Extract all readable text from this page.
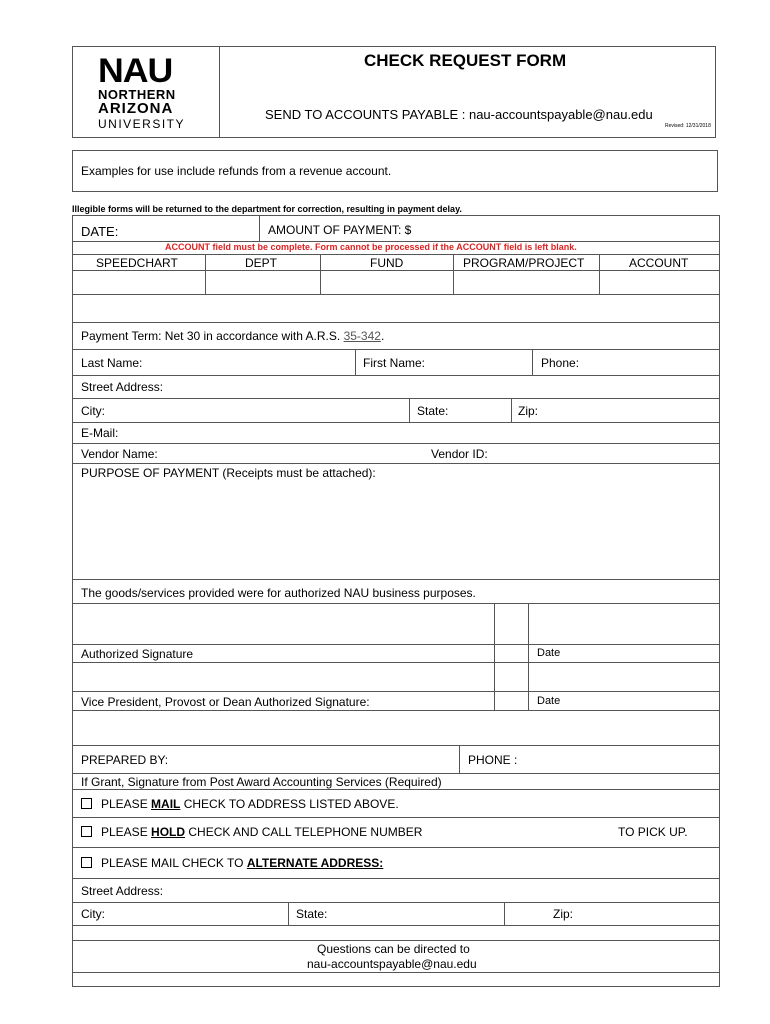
NAU
NORTHERN
ARIZONA
UNIVERSITY
CHECK REQUEST FORM
SEND TO ACCOUNTS PAYABLE : nau-accountspayable@nau.edu
Revised: 12/31/2018
Examples for use include refunds from a revenue account.
Illegible forms will be returned to the department for correction, resulting in payment delay.
DATE:	AMOUNT OF PAYMENT: $
ACCOUNT field must be complete. Form cannot be processed if the ACCOUNT field is left blank.
SPEEDCHART	DEPT	FUND	PROGRAM/PROJECT	ACCOUNT
Payment Term: Net 30 in accordance with A.R.S. 35-342.
Last Name:	First Name:	Phone:
Street Address:
City:	State:	Zip:
E-Mail:
Vendor Name:	Vendor ID:
PURPOSE OF PAYMENT (Receipts must be attached):
The goods/services provided were for authorized NAU business purposes.
Authorized Signature	Date
Vice President, Provost or Dean Authorized Signature:	Date
PREPARED BY:	PHONE :
If Grant, Signature from Post Award Accounting Services (Required)
PLEASE MAIL CHECK TO ADDRESS LISTED ABOVE.
PLEASE HOLD CHECK AND CALL TELEPHONE NUMBER	TO PICK UP.
PLEASE MAIL CHECK TO ALTERNATE ADDRESS:
Street Address:
City:	State:	Zip:
Questions can be directed to
nau-accountspayable@nau.edu
